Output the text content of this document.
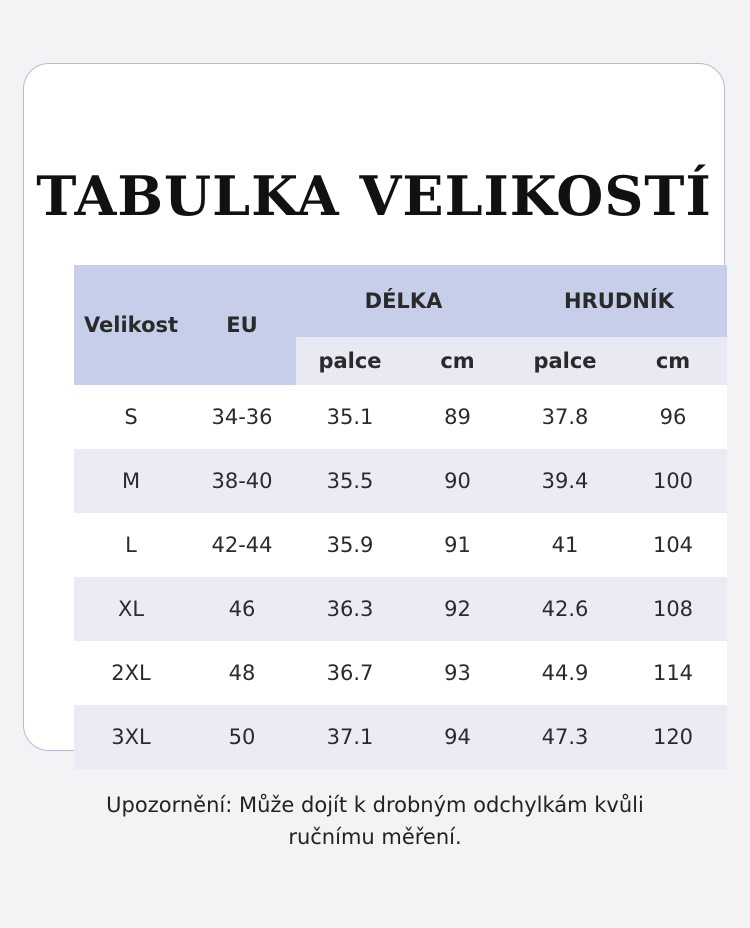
TABULKA VELIKOSTÍ
Velikost	EU	DÉLKA		HRUDNÍK	
		palce	cm	palce	cm
S	34-36	35.1	89	37.8	96
M	38-40	35.5	90	39.4	100
L	42-44	35.9	91	41	104
XL	46	36.3	92	42.6	108
2XL	48	36.7	93	44.9	114
3XL	50	37.1	94	47.3	120

Upozornění: Může dojít k drobným odchylkám kvůli
ručnímu měření.
